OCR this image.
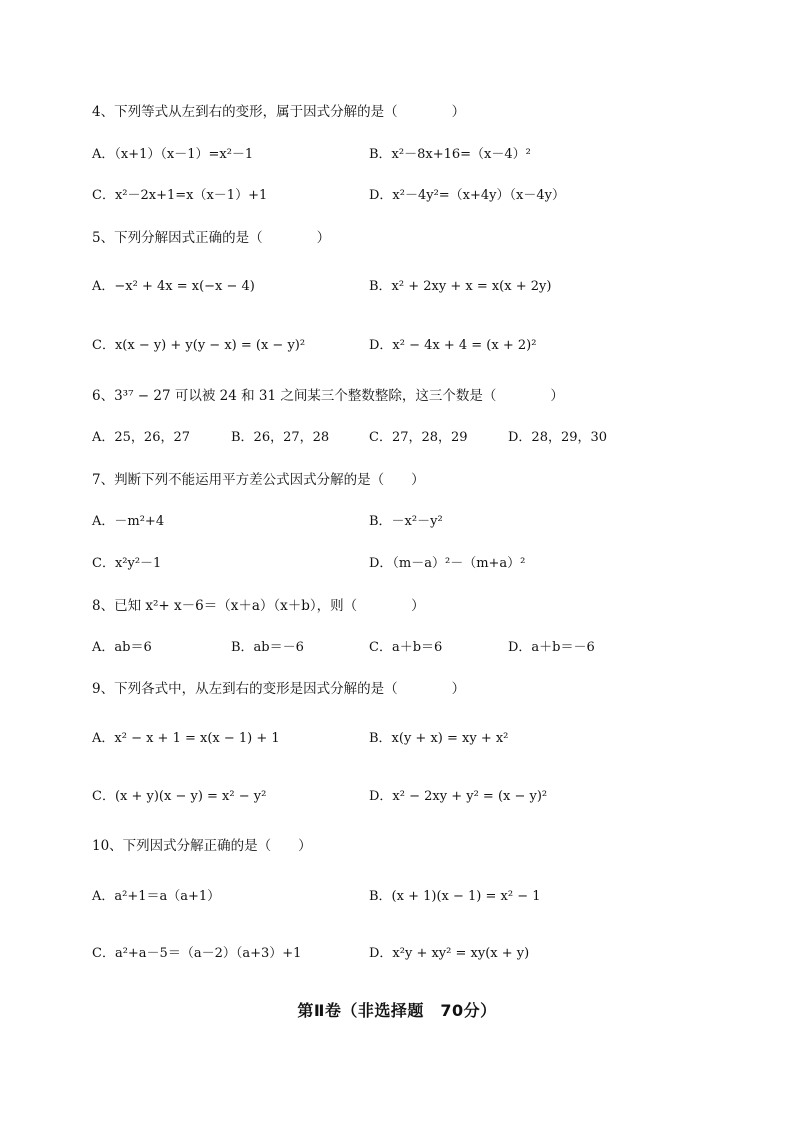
4、下列等式从左到右的变形，属于因式分解的是（　　　　）
A．（x+1）（x－1）=x²－1	B．x²－8x+16=（x－4）²
C．x²－2x+1=x（x－1）+1	D．x²－4y²=（x+4y）（x－4y）
5、下列分解因式正确的是（　　　　）
A．−x² + 4x = x(−x − 4)	B．x² + 2xy + x = x(x + 2y)
C．x(x − y) + y(y − x) = (x − y)²	D．x² − 4x + 4 = (x + 2)²
6、3³⁷ − 27 可以被 24 和 31 之间某三个整数整除，这三个数是（　　　　）
A．25，26，27	B．26，27，28	C．27，28，29	D．28，29，30
7、判断下列不能运用平方差公式因式分解的是（　　）
A．－m²+4	B．－x²－y²
C．x²y²－1	D．（m－a）²－（m+a）²
8、已知 x²+ x－6＝（x＋a）（x＋b），则（　　　　）
A．ab＝6	B．ab＝－6	C．a＋b＝6	D．a＋b＝－6
9、下列各式中，从左到右的变形是因式分解的是（　　　　）
A．x² − x + 1 = x(x − 1) + 1	B．x(y + x) = xy + x²
C．(x + y)(x − y) = x² − y²	D．x² − 2xy + y² = (x − y)²
10、下列因式分解正确的是（　　）
A．a²+1＝a（a+1）	B．(x + 1)(x − 1) = x² − 1
C．a²+a－5＝（a－2）（a+3）+1	D．x²y + xy² = xy(x + y)
第Ⅱ卷（非选择题　70分）
